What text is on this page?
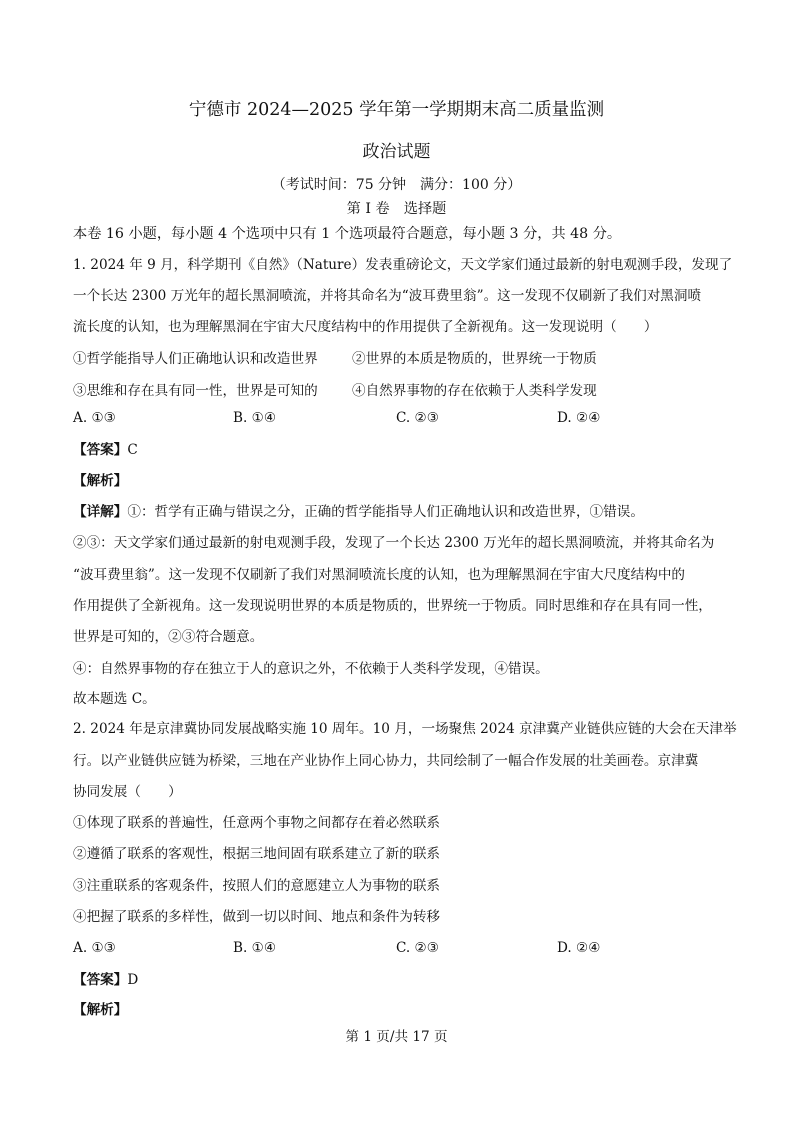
宁德市 2024—2025 学年第一学期期末高二质量监测
政治试题
（考试时间：75 分钟　满分：100 分）
第 I 卷　选择题
本卷 16 小题，每小题 4 个选项中只有 1 个选项最符合题意，每小题 3 分，共 48 分。
1. 2024 年 9 月，科学期刊《自然》（Nature）发表重磅论文，天文学家们通过最新的射电观测手段，发现了
一个长达 2300 万光年的超长黑洞喷流，并将其命名为“波耳费里翁”。这一发现不仅刷新了我们对黑洞喷
流长度的认知，也为理解黑洞在宇宙大尺度结构中的作用提供了全新视角。这一发现说明（　　）
①哲学能指导人们正确地认识和改造世界	②世界的本质是物质的，世界统一于物质
③思维和存在具有同一性，世界是可知的	④自然界事物的存在依赖于人类科学发现
A. ①③	B. ①④	C. ②③	D. ②④
【答案】C
【解析】
【详解】①：哲学有正确与错误之分，正确的哲学能指导人们正确地认识和改造世界，①错误。
②③：天文学家们通过最新的射电观测手段，发现了一个长达 2300 万光年的超长黑洞喷流，并将其命名为
“波耳费里翁”。这一发现不仅刷新了我们对黑洞喷流长度的认知，也为理解黑洞在宇宙大尺度结构中的
作用提供了全新视角。这一发现说明世界的本质是物质的，世界统一于物质。同时思维和存在具有同一性，
世界是可知的，②③符合题意。
④：自然界事物的存在独立于人的意识之外，不依赖于人类科学发现，④错误。
故本题选 C。
2. 2024 年是京津冀协同发展战略实施 10 周年。10 月，一场聚焦 2024 京津冀产业链供应链的大会在天津举
行。以产业链供应链为桥梁，三地在产业协作上同心协力，共同绘制了一幅合作发展的壮美画卷。京津冀
协同发展（　　）
①体现了联系的普遍性，任意两个事物之间都存在着必然联系
②遵循了联系的客观性，根据三地间固有联系建立了新的联系
③注重联系的客观条件，按照人们的意愿建立人为事物的联系
④把握了联系的多样性，做到一切以时间、地点和条件为转移
A. ①③	B. ①④	C. ②③	D. ②④
【答案】D
【解析】
第 1 页/共 17 页
